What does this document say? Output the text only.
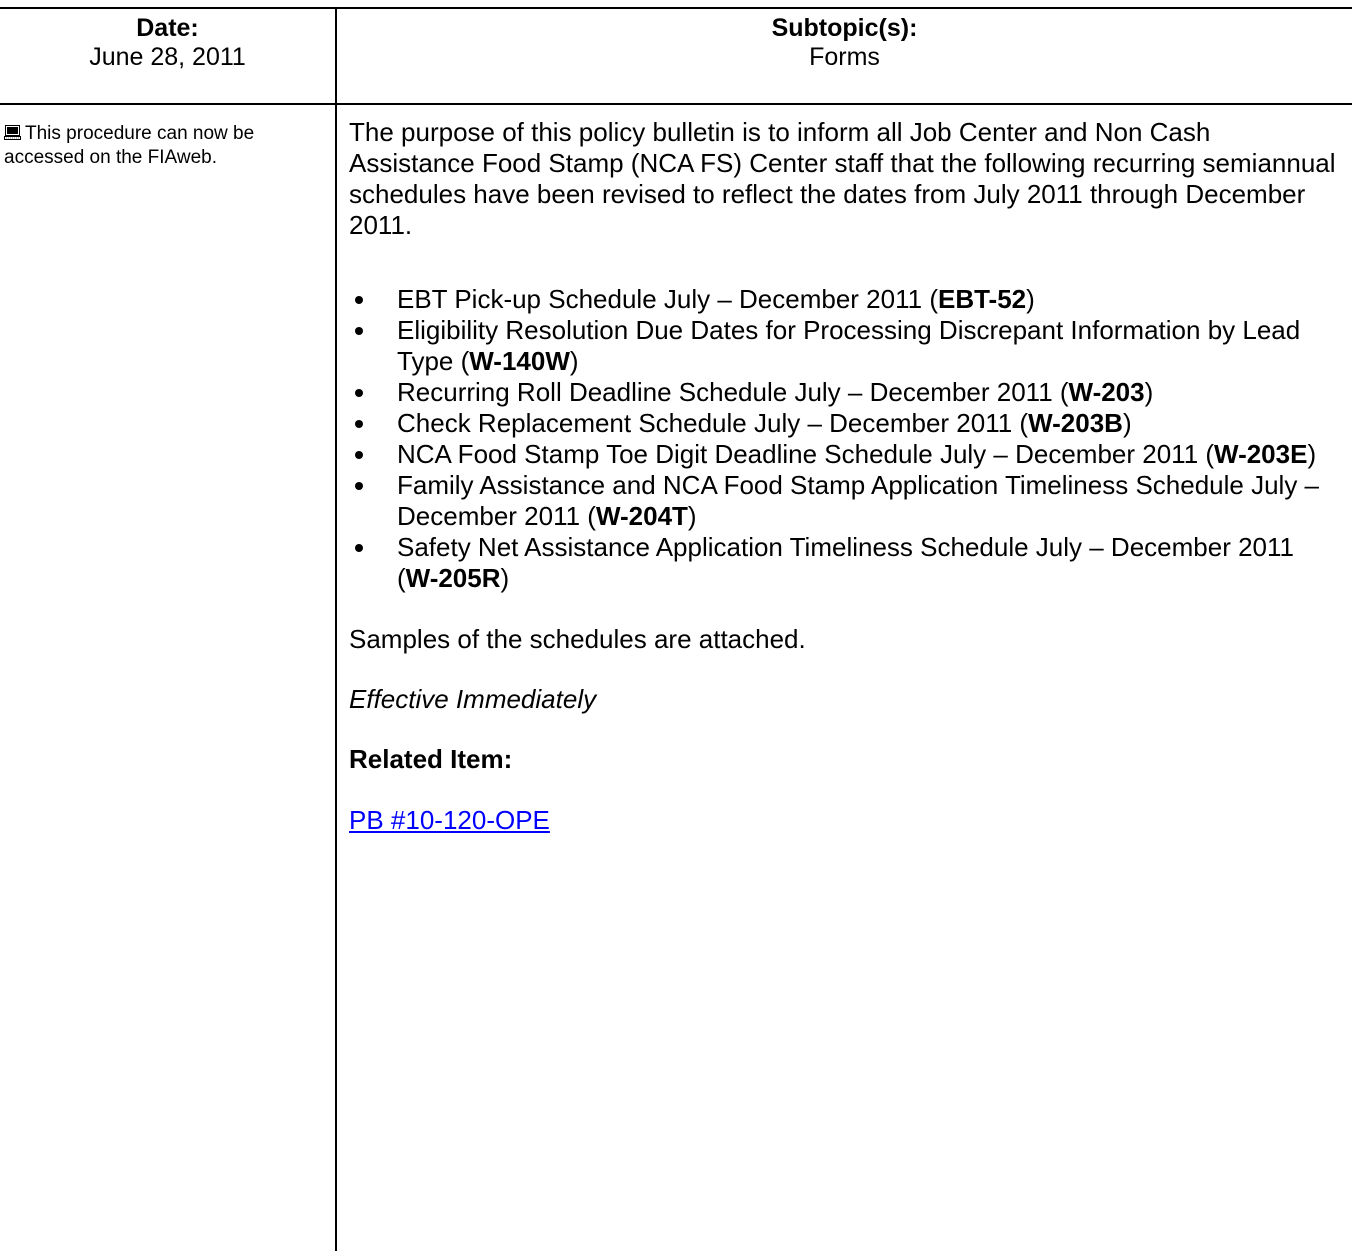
Date:
June 28, 2011
Subtopic(s):
Forms
This procedure can now be accessed on the FIAweb.

The purpose of this policy bulletin is to inform all Job Center and Non Cash Assistance Food Stamp (NCA FS) Center staff that the following recurring semiannual schedules have been revised to reflect the dates from July 2011 through December 2011.

EBT Pick-up Schedule July – December 2011 (EBT-52)
Eligibility Resolution Due Dates for Processing Discrepant Information by Lead Type (W-140W)
Recurring Roll Deadline Schedule July – December 2011 (W-203)
Check Replacement Schedule July – December 2011 (W-203B)
NCA Food Stamp Toe Digit Deadline Schedule July – December 2011 (W-203E)
Family Assistance and NCA Food Stamp Application Timeliness Schedule July – December 2011 (W-204T)
Safety Net Assistance Application Timeliness Schedule July – December 2011 (W-205R)

Samples of the schedules are attached.

Effective Immediately

Related Item:

PB #10-120-OPE
